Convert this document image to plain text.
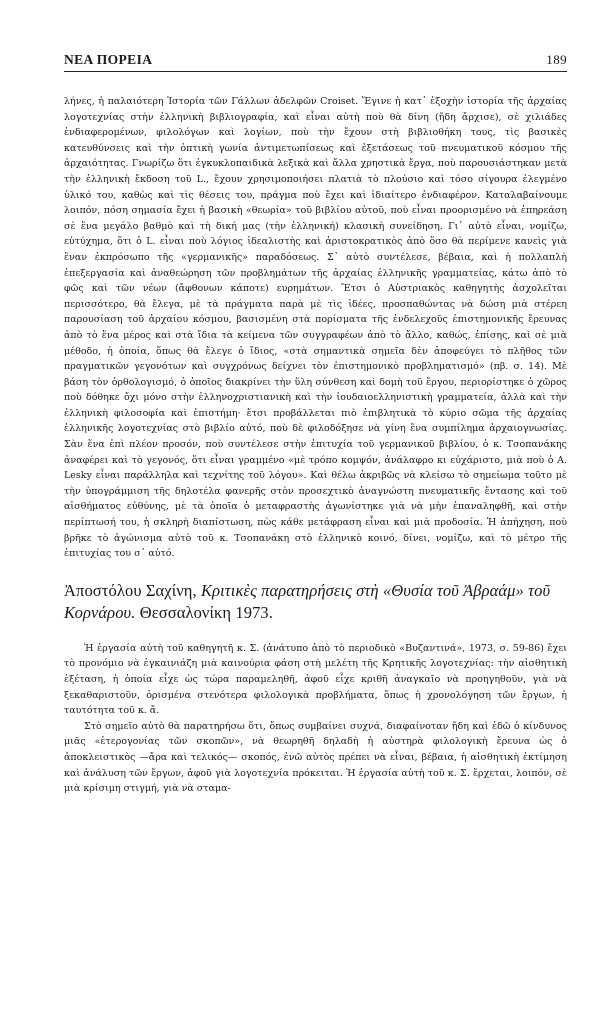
ΝΕΑ ΠΟΡΕΙΑ	189

λήνες, ἡ παλαιότερη Ἱστορία τῶν Γάλλων ἀδελφῶν Croiset. Ἔγινε ἡ κατ᾿ ἐξοχὴν ἱστορία τῆς ἀρχαίας λογοτεχνίας στὴν ἑλληνικὴ βιβλιογραφία, καὶ εἶναι αὐτὴ ποὺ θὰ δίνη (ἤδη ἄρχισε), σὲ χιλιάδες ἐνδιαφερομένων, φιλολόγων καὶ λογίων, ποὺ τὴν ἔχουν στὴ βιβλιοθήκη τους, τὶς βασικὲς κατευθύνσεις καὶ τὴν ὀπτικὴ γωνία ἀντιμετωπίσεως καὶ ἐξετάσεως τοῦ πνευματικοῦ κόσμου τῆς ἀρχαιότητας. Γνωρίζω ὅτι ἐγκυκλοπαιδικὰ λεξικὰ καὶ ἄλλα χρηστικὰ ἔργα, ποὺ παρουσιάστηκαν μετὰ τὴν ἑλληνικὴ ἔκδοση τοῦ L., ἔχουν χρησιμοποιήσει πλατιὰ τὸ πλούσιο καὶ τόσο σίγουρα ἐλεγμένο ὑλικό του, καθὼς καὶ τὶς θέσεις του, πράγμα ποὺ ἔχει καὶ ἰδιαίτερο ἐνδιαφέρον. Καταλαβαίνουμε λοιπόν, πόση σημασία ἔχει ἡ βασικὴ «θεωρία» τοῦ βιβλίου αὐτοῦ, ποὺ εἶναι προορισμένο νὰ ἐπηρεάση σὲ ἕνα μεγάλο βαθμὸ καὶ τὴ δική μας (τὴν ἑλληνική) κλασικὴ συνείδηση. Γι᾿ αὐτὸ εἶναι, νομίζω, εὐτύχημα, ὅτι ὁ L. εἶναι ποὺ λόγιος ἰδεαλιστὴς καὶ ἀριστοκρατικὸς ἀπὸ ὅσο θὰ περίμενε κανεὶς γιὰ ἕναν ἐκπρόσωπο τῆς «γερμανικῆς» παραδόσεως. Σ᾿ αὐτὸ συντέλεσε, βέβαια, καὶ ἡ πολλαπλὴ ἐπεξεργασία καὶ ἀναθεώρηση τῶν προβλημάτων τῆς ἀρχαίας ἑλληνικῆς γραμματείας, κάτω ἀπὸ τὸ φῶς καὶ τῶν νέων (ἄφθονων κάποτε) ευρημάτων. Ἔτσι ὁ Αὐστριακὸς καθηγητὴς ἀσχολεῖται περισσότερο, θὰ ἔλεγα, μὲ τὰ πράγματα παρὰ μὲ τὶς ἰδέες, προσπαθώντας νὰ δώση μιὰ στέρεη παρουσίαση τοῦ ἀρχαίου κόσμου, βασισμένη στὰ πορίσματα τῆς ἐνδελεχοῦς ἐπιστημονικῆς ἔρευνας ἀπὸ τὸ ἕνα μέρος καὶ στὰ ἴδια τὰ κείμενα τῶν συγγραφέων ἀπὸ τὸ ἄλλο, καθώς, ἐπίσης, καὶ σὲ μιὰ μέθοδο, ἡ ὁποία, ὅπως θὰ ἔλεγε ὁ ἴδιος, «στὰ σημαντικὰ σημεῖα δὲν ἀποφεύγει τὸ πλῆθος τῶν πραγματικῶν γεγονότων καὶ συγχρόνως δείχνει τὸν ἐπιστημονικὸ προβληματισμό» (πβ. σ. 14). Μὲ βάση τὸν ὀρθολογισμό, ὁ ὁποῖος διακρίνει τὴν ὕλη σύνθεση καὶ δομὴ τοῦ ἔργου, περιορίστηκε ὁ χῶρος ποὺ δόθηκε ὄχι μόνο στὴν ἑλληνοχριστιανικὴ καὶ τὴν ἰουδαιοελληνιστικὴ γραμματεία, ἀλλὰ καὶ τὴν ἑλληνικὴ φιλοσοφία καὶ ἐπιστήμη· ἔτσι προβάλλεται πιὸ ἐπιβλητικὰ τὸ κύριο σῶμα τῆς ἀρχαίας ἑλληνικῆς λογοτεχνίας στὸ βιβλίο αὐτό, ποὺ δὲ φιλοδόξησε νὰ γίνη ἕνα συμπίλημα ἀρχαιογνωσίας. Σὰν ἕνα ἐπὶ πλέον προσόν, ποὺ συντέλεσε στὴν ἐπιτυχία τοῦ γερμανικοῦ βιβλίου, ὁ κ. Τσοπανάκης ἀναφέρει καὶ τὸ γεγονός, ὅτι εἶναι γραμμένο «μὲ τρόπο κομψόν, ἀνάλαφρο κι εὐχάριστο, μιὰ ποὺ ὁ A. Lesky εἶναι παράλληλα καὶ τεχνίτης τοῦ λόγου». Καὶ θέλω ἀκριβῶς νὰ κλείσω τὸ σημείωμα τοῦτο μὲ τὴν ὑπογράμμιση τῆς δηλοτέλα φανερῆς στὸν προσεχτικὸ ἀναγνώστη πνευματικῆς ἔντασης καὶ τοῦ αἰσθήματος εὐθύνης, μὲ τὰ ὁποῖα ὁ μεταφραστὴς ἀγωνίστηκε γιὰ νὰ μὴν ἐπαναληφθῆ, καὶ στὴν περίπτωσή του, ἡ σκληρὴ διαπίστωση, πὼς κάθε μετάφραση εἶναι καὶ μιὰ προδοσία. Ἡ ἀπήχηση, ποὺ βρῆκε τὸ ἀγώνισμα αὐτὸ τοῦ κ. Τσοπανάκη στὸ ἑλληνικὸ κοινό, δίνει, νομίζω, καὶ τὸ μέτρο τῆς ἐπιτυχίας του σ᾿ αὐτό.

Ἀποστόλου Σαχίνη, Κριτικὲς παρατηρήσεις στὴ «Θυσία τοῦ Ἀβραάμ» τοῦ Κορνάρου. Θεσσαλονίκη 1973.

Ἡ ἐργασία αὐτὴ τοῦ καθηγητῆ κ. Σ. (ἀνάτυπο ἀπὸ τὸ περιοδικὸ «Βυζαντινά», 1973, σ. 59-86) ἔχει τὸ προνόμιο νὰ ἐγκαινιάζη μιὰ καινούρια φάση στὴ μελέτη τῆς Κρητικῆς λογοτεχνίας: τὴν αἰσθητικὴ ἐξέταση, ἡ ὁποία εἶχε ὡς τώρα παραμεληθῆ, ἀφοῦ εἶχε κριθῆ ἀναγκαῖο νὰ προηγηθοῦν, γιὰ νὰ ξεκαθαριστοῦν, ὁρισμένα στενότερα φιλολογικὰ προβλήματα, ὅπως ἡ χρονολόγηση τῶν ἔργων, ἡ ταυτότητα τοῦ κ. ἄ.

Στὸ σημεῖο αὐτὸ θὰ παρατηρήσω ὅτι, ὅπως συμβαίνει συχνά, διαφαίνοταν ἤδη καὶ ἐδῶ ὁ κίνδυνος μιᾶς «ἑτερογονίας τῶν σκοπῶν», νὰ θεωρηθῆ δηλαδὴ ἡ αὐστηρὰ φιλολογικὴ ἔρευνα ὡς ὁ ἀποκλειστικὸς —ἄρα καὶ τελικός— σκοπός, ἐνῶ αὐτὸς πρέπει νὰ εἶναι, βέβαια, ἡ αἰσθητικὴ ἐκτίμηση καὶ ἀνάλυση τῶν ἔργων, ἀφοῦ γιὰ λογοτεχνία πρόκειται. Ἡ ἐργασία αὐτὴ τοῦ κ. Σ. ἔρχεται, λοιπόν, σὲ μιὰ κρίσιμη στιγμή, γιὰ νὰ σταμα-
